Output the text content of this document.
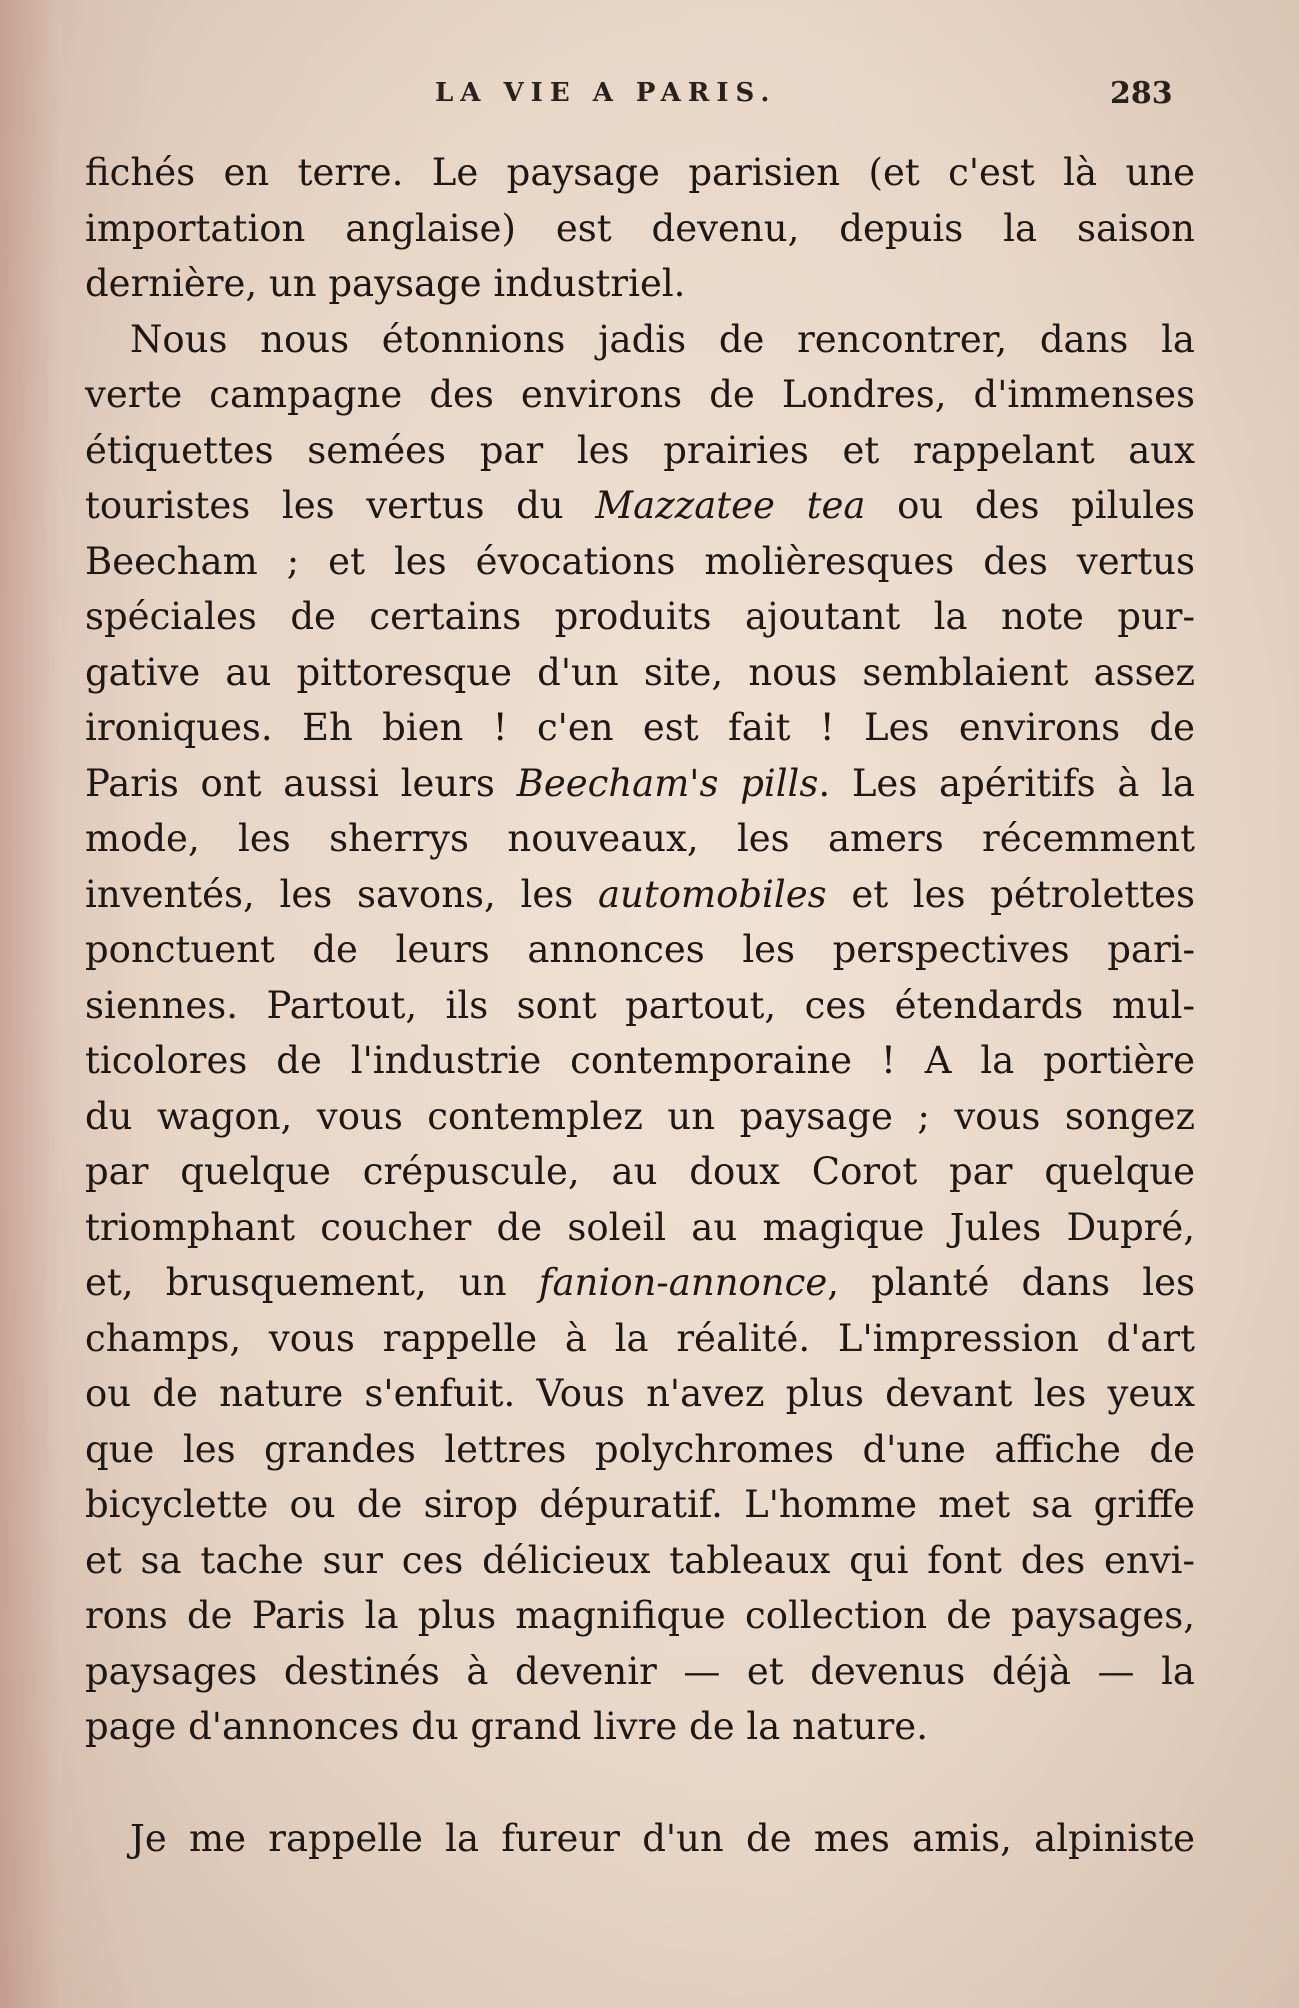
LA VIE A PARIS.	283
fichés en terre. Le paysage parisien (et c'est là une
importation anglaise) est devenu, depuis la saison
dernière, un paysage industriel.
Nous nous étonnions jadis de rencontrer, dans la
verte campagne des environs de Londres, d'immenses
étiquettes semées par les prairies et rappelant aux
touristes les vertus du Mazzatee tea ou des pilules
Beecham ; et les évocations molièresques des vertus
spéciales de certains produits ajoutant la note pur-
gative au pittoresque d'un site, nous semblaient assez
ironiques. Eh bien ! c'en est fait ! Les environs de
Paris ont aussi leurs Beecham's pills. Les apéritifs à la
mode, les sherrys nouveaux, les amers récemment
inventés, les savons, les automobiles et les pétrolettes
ponctuent de leurs annonces les perspectives pari-
siennes. Partout, ils sont partout, ces étendards mul-
ticolores de l'industrie contemporaine ! A la portière
du wagon, vous contemplez un paysage ; vous songez
par quelque crépuscule, au doux Corot par quelque
triomphant coucher de soleil au magique Jules Dupré,
et, brusquement, un fanion-annonce, planté dans les
champs, vous rappelle à la réalité. L'impression d'art
ou de nature s'enfuit. Vous n'avez plus devant les yeux
que les grandes lettres polychromes d'une affiche de
bicyclette ou de sirop dépuratif. L'homme met sa griffe
et sa tache sur ces délicieux tableaux qui font des envi-
rons de Paris la plus magnifique collection de paysages,
paysages destinés à devenir — et devenus déjà — la
page d'annonces du grand livre de la nature.
Je me rappelle la fureur d'un de mes amis, alpiniste
